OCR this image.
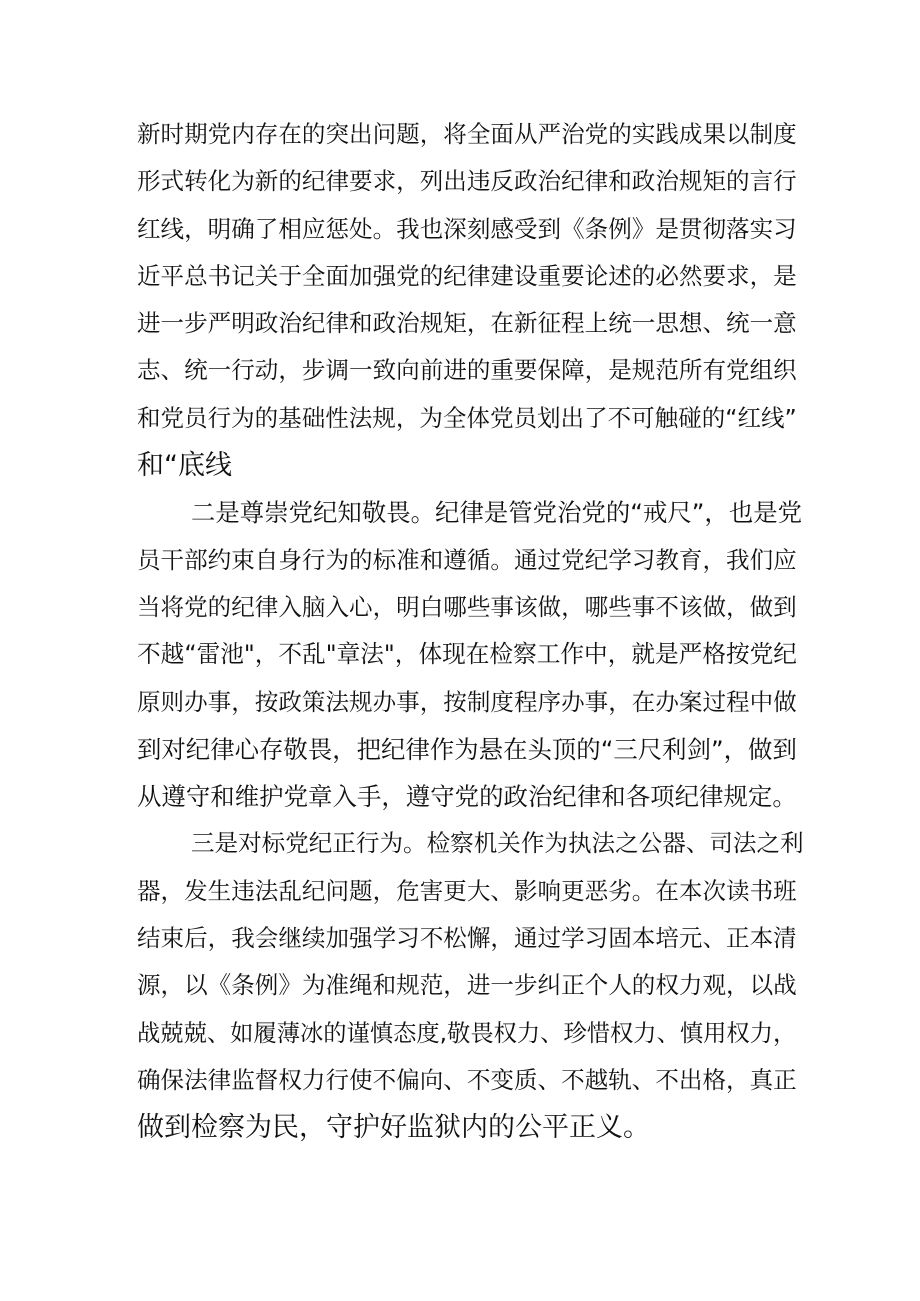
新时期党内存在的突出问题，将全面从严治党的实践成果以制度
形式转化为新的纪律要求，列出违反政治纪律和政治规矩的言行
红线，明确了相应惩处。我也深刻感受到《条例》是贯彻落实习
近平总书记关于全面加强党的纪律建设重要论述的必然要求，是
进一步严明政治纪律和政治规矩，在新征程上统一思想、统一意
志、统一行动，步调一致向前进的重要保障，是规范所有党组织
和党员行为的基础性法规，为全体党员划出了不可触碰的“红线”
和“底线
二是尊崇党纪知敬畏。纪律是管党治党的“戒尺”，也是党
员干部约束自身行为的标准和遵循。通过党纪学习教育，我们应
当将党的纪律入脑入心，明白哪些事该做，哪些事不该做，做到
不越“雷池"，不乱"章法"，体现在检察工作中，就是严格按党纪
原则办事，按政策法规办事，按制度程序办事，在办案过程中做
到对纪律心存敬畏，把纪律作为悬在头顶的“三尺利剑”，做到
从遵守和维护党章入手，遵守党的政治纪律和各项纪律规定。
三是对标党纪正行为。检察机关作为执法之公器、司法之利
器，发生违法乱纪问题，危害更大、影响更恶劣。在本次读书班
结束后，我会继续加强学习不松懈，通过学习固本培元、正本清
源，以《条例》为准绳和规范，进一步纠正个人的权力观，以战
战兢兢、如履薄冰的谨慎态度,敬畏权力、珍惜权力、慎用权力，
确保法律监督权力行使不偏向、不变质、不越轨、不出格，真正
做到检察为民，守护好监狱内的公平正义。
